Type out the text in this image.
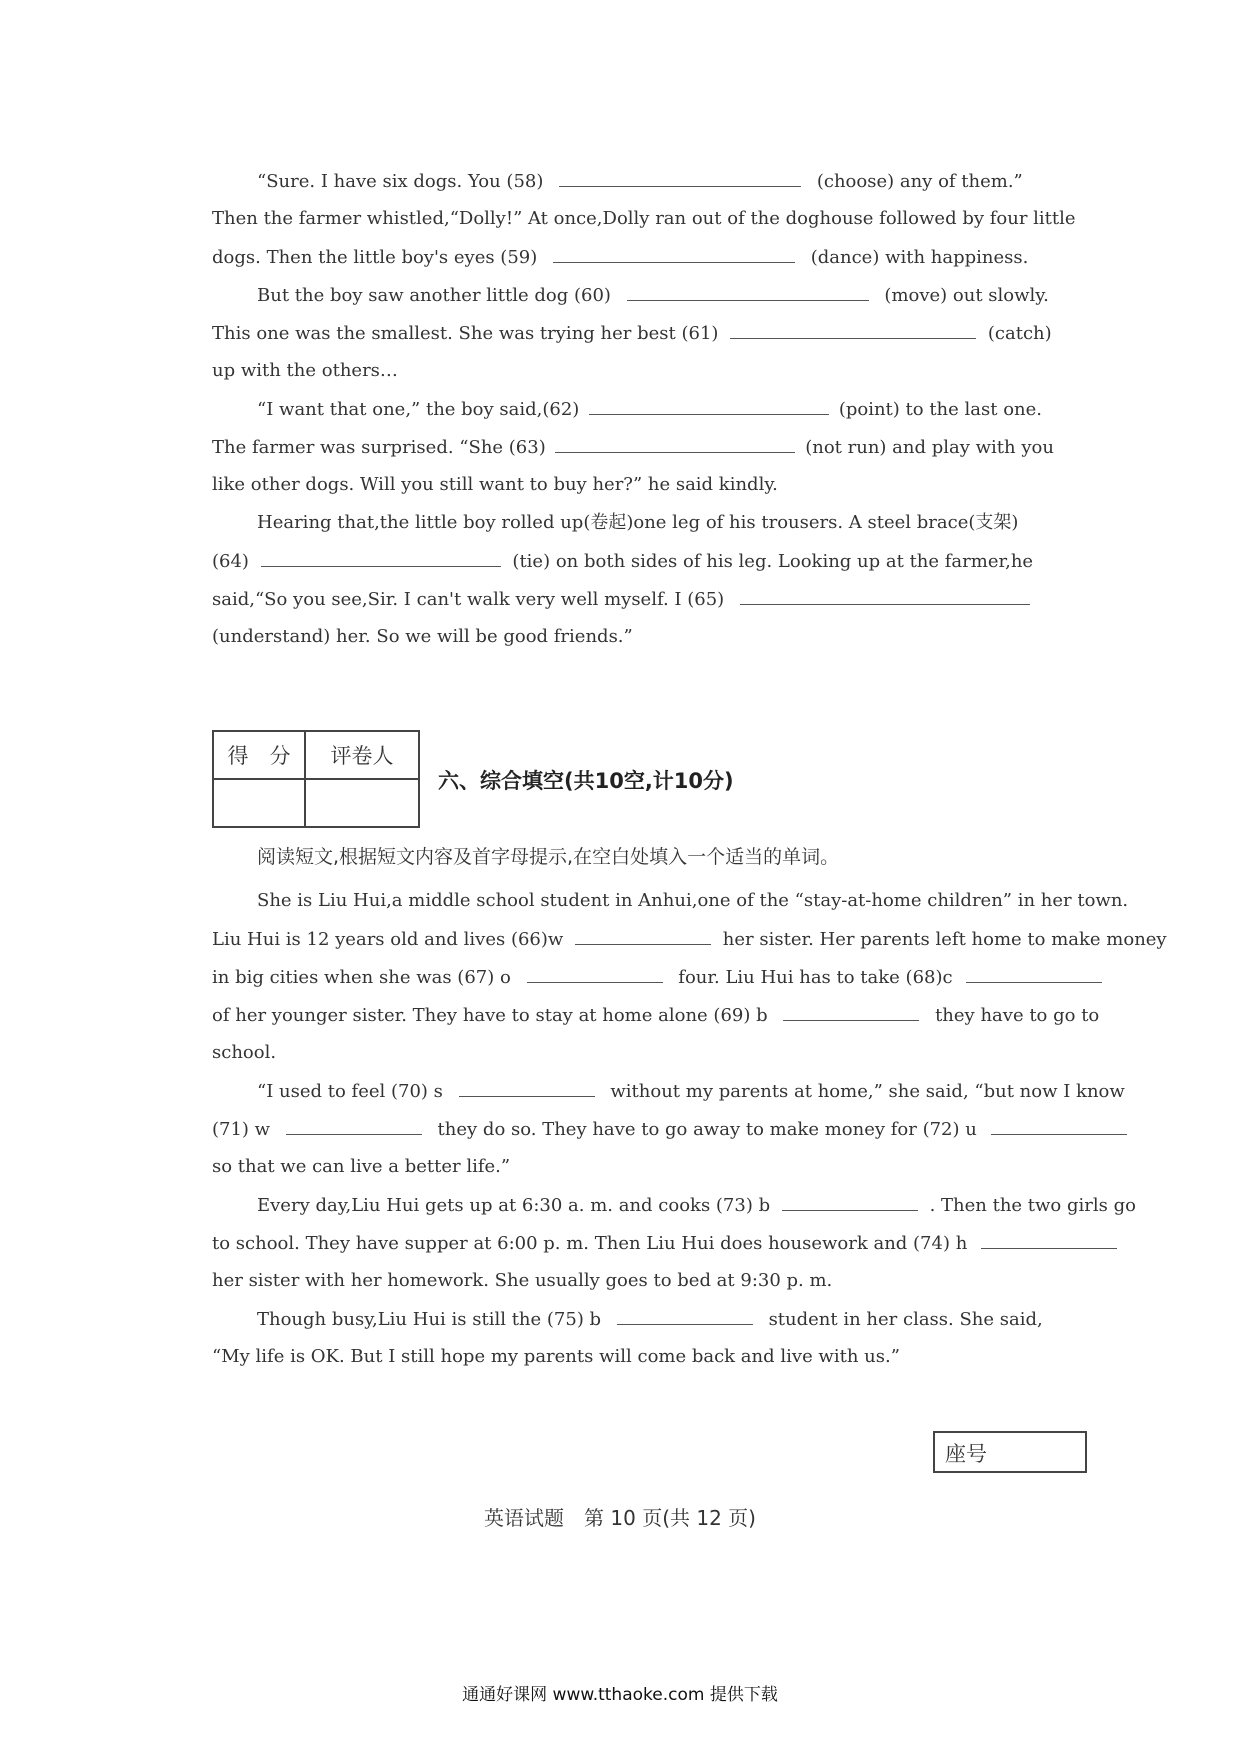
“Sure. I have six dogs. You (58)	(choose) any of them.”
Then the farmer whistled,“Dolly!” At once,Dolly ran out of the doghouse followed by four little
dogs. Then the little boy's eyes (59)	(dance) with happiness.
But the boy saw another little dog (60)	(move) out slowly.
This one was the smallest. She was trying her best (61)	(catch)
up with the others…
“I want that one,” the boy said,(62)	(point) to the last one.
The farmer was surprised. “She (63)	(not run) and play with you
like other dogs. Will you still want to buy her?” he said kindly.
Hearing that,the little boy rolled up(卷起)one leg of his trousers. A steel brace(支架)
(64)	(tie) on both sides of his leg. Looking up at the farmer,he
said,“So you see,Sir. I can't walk very well myself. I (65)
(understand) her. So we will be good friends.”
得　分	评卷人

六、综合填空(共10空,计10分)
阅读短文,根据短文内容及首字母提示,在空白处填入一个适当的单词。
She is Liu Hui,a middle school student in Anhui,one of the “stay-at-home children” in her town.
Liu Hui is 12 years old and lives (66)w	her sister. Her parents left home to make money
in big cities when she was (67) o	four. Liu Hui has to take (68)c
of her younger sister. They have to stay at home alone (69) b	they have to go to
school.
“I used to feel (70) s	without my parents at home,” she said, “but now I know
(71) w	they do so. They have to go away to make money for (72) u
so that we can live a better life.”
Every day,Liu Hui gets up at 6:30 a. m. and cooks (73) b	. Then the two girls go
to school. They have supper at 6:00 p. m. Then Liu Hui does housework and (74) h
her sister with her homework. She usually goes to bed at 9:30 p. m.
Though busy,Liu Hui is still the (75) b	student in her class. She said,
“My life is OK. But I still hope my parents will come back and live with us.”
座号
英语试题　第 10 页(共 12 页)
通通好课网 www.tthaoke.com 提供下载
